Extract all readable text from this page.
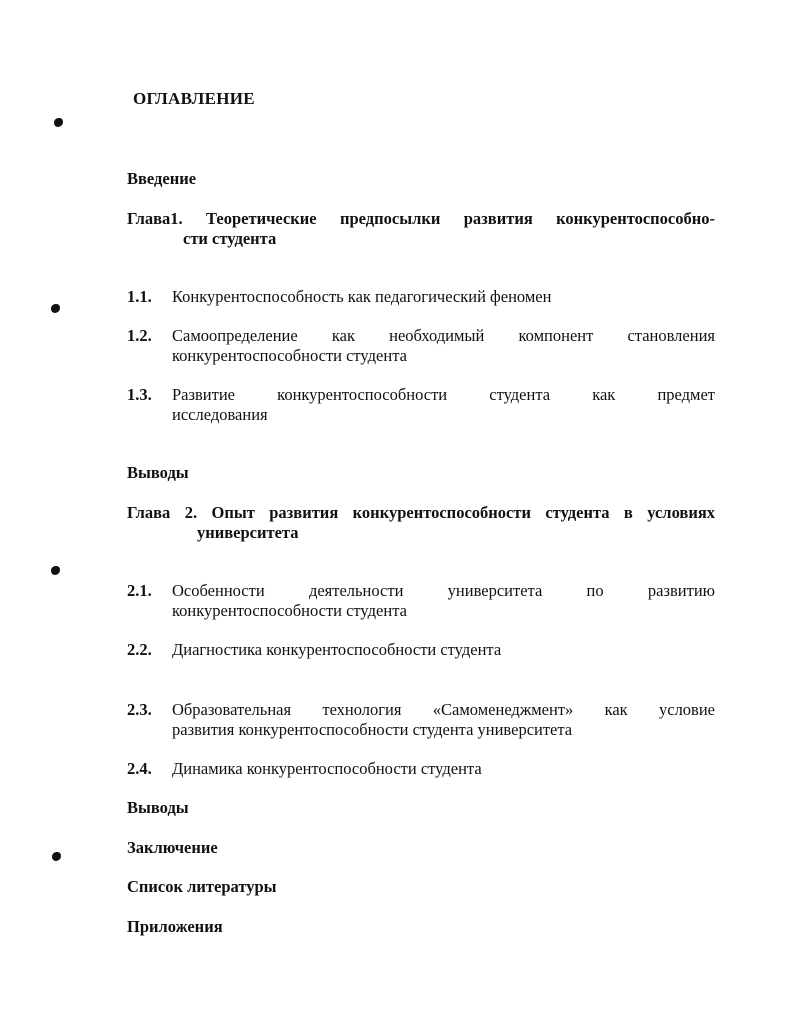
ОГЛАВЛЕНИЕ
Введение
Глава1. Теоретические предпосылки развития конкурентоспособно-
сти студента
1.1.	Конкурентоспособность как педагогический феномен
1.2.	Самоопределение как необходимый компонент становления
конкурентоспособности студента
1.3.	Развитие конкурентоспособности студента как предмет
исследования
Выводы
Глава 2. Опыт развития конкурентоспособности студента в условиях
университета
2.1.	Особенности деятельности университета по развитию
конкурентоспособности студента
2.2.	Диагностика конкурентоспособности студента
2.3.	Образовательная технология «Самоменеджмент» как условие
развития конкурентоспособности студента университета
2.4.	Динамика конкурентоспособности студента
Выводы
Заключение
Список литературы
Приложения
